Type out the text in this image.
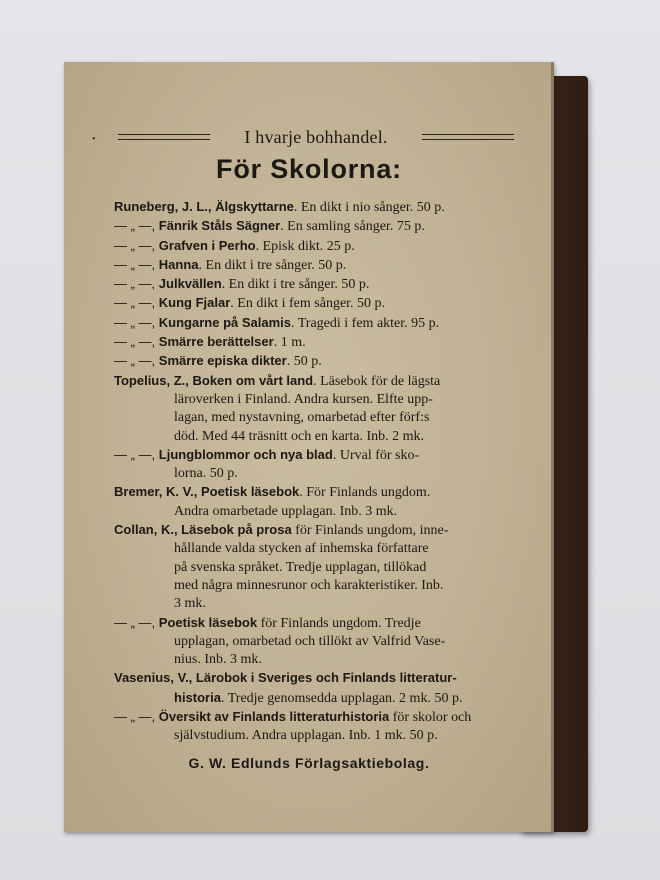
•	I hvarje bohhandel.
För Skolorna:
Runeberg, J. L., Älgskyttarne. En dikt i nio sånger. 50 p.
— „ —, Fänrik Ståls Sägner. En samling sånger. 75 p.
— „ —, Grafven i Perho. Episk dikt. 25 p.
— „ —, Hanna. En dikt i tre sånger. 50 p.
— „ —, Julkvällen. En dikt i tre sånger. 50 p.
— „ —, Kung Fjalar. En dikt i fem sånger. 50 p.
— „ —, Kungarne på Salamis. Tragedi i fem akter. 95 p.
— „ —, Smärre berättelser. 1 m.
— „ —, Smärre episka dikter. 50 p.
Topelius, Z., Boken om vårt land. Läsebok för de lägsta
läroverken i Finland. Andra kursen. Elfte upp-
lagan, med nystavning, omarbetad efter förf:s
död. Med 44 träsnitt och en karta. Inb. 2 mk.
— „ —, Ljungblommor och nya blad. Urval för sko-
lorna. 50 p.
Bremer, K. V., Poetisk läsebok. För Finlands ungdom.
Andra omarbetade upplagan. Inb. 3 mk.
Collan, K., Läsebok på prosa för Finlands ungdom, inne-
hållande valda stycken af inhemska författare
på svenska språket. Tredje upplagan, tillökad
med några minnesrunor och karakteristiker. Inb.
3 mk.
— „ —, Poetisk läsebok för Finlands ungdom. Tredje
upplagan, omarbetad och tillökt av Valfrid Vase-
nius. Inb. 3 mk.
Vasenius, V., Lärobok i Sveriges och Finlands litteratur-
historia. Tredje genomsedda upplagan. 2 mk. 50 p.
— „ —, Översikt av Finlands litteraturhistoria för skolor och
självstudium. Andra upplagan. Inb. 1 mk. 50 p.
G. W. Edlunds Förlagsaktiebolag.
